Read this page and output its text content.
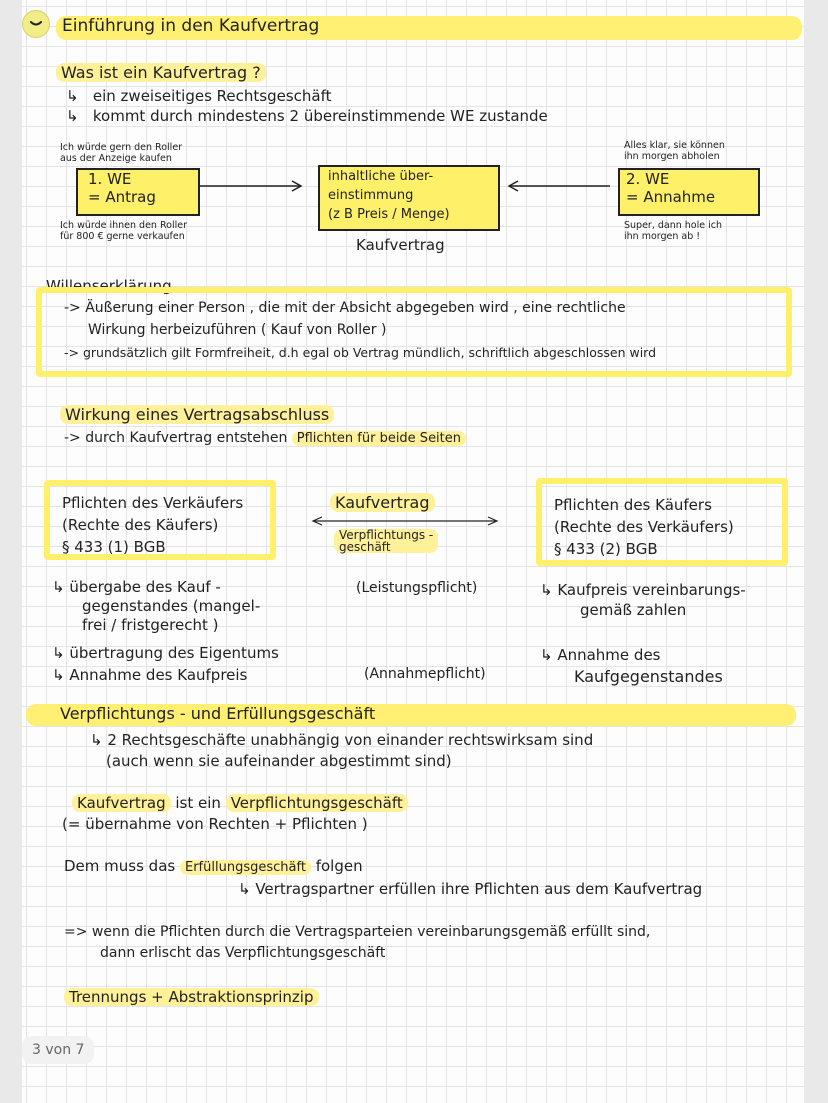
Einführung in den Kaufvertrag
Was ist ein Kaufvertrag ?
↳   ein zweiseitiges Rechtsgeschäft
↳   kommt durch mindestens 2 übereinstimmende WE zustande
Ich würde gern den Roller
aus der Anzeige kaufen
1. WE
= Antrag
Ich würde ihnen den Roller
für 800 € gerne verkaufen
inhaltliche über-
einstimmung
(z B Preis / Menge)
Kaufvertrag
Alles klar, sie können
ihn morgen abholen
2. WE
= Annahme
Super, dann hole ich
ihn morgen ab !
Willenserklärung
-> Äußerung einer Person , die mit der Absicht abgegeben wird , eine rechtliche
Wirkung herbeizuführen ( Kauf von Roller )
-> grundsätzlich gilt Formfreiheit, d.h egal ob Vertrag mündlich, schriftlich abgeschlossen wird
Wirkung eines Vertragsabschluss
-> durch Kaufvertrag entstehen Pflichten für beide Seiten
Pflichten des Verkäufers
(Rechte des Käufers)
§ 433 (1) BGB
Kaufvertrag
Verpflichtungs -
geschäft
Pflichten des Käufers
(Rechte des Verkäufers)
§ 433 (2) BGB
↳ übergabe des Kauf -
gegenstandes (mangel-
frei / fristgerecht )
↳ übertragung des Eigentums
↳ Annahme des Kaufpreis
(Leistungspflicht)
(Annahmepflicht)
↳ Kaufpreis vereinbarungs-
gemäß zahlen
↳ Annahme des
Kaufgegenstandes
Verpflichtungs - und Erfüllungsgeschäft
↳ 2 Rechtsgeschäfte unabhängig von einander rechtswirksam sind
(auch wenn sie aufeinander abgestimmt sind)
Kaufvertrag ist ein Verpflichtungsgeschäft
(= übernahme von Rechten + Pflichten )
Dem muss das Erfüllungsgeschäft folgen
↳ Vertragspartner erfüllen ihre Pflichten aus dem Kaufvertrag
=> wenn die Pflichten durch die Vertragsparteien vereinbarungsgemäß erfüllt sind,
dann erlischt das Verpflichtungsgeschäft
Trennungs + Abstraktionsprinzip
3 von 7
